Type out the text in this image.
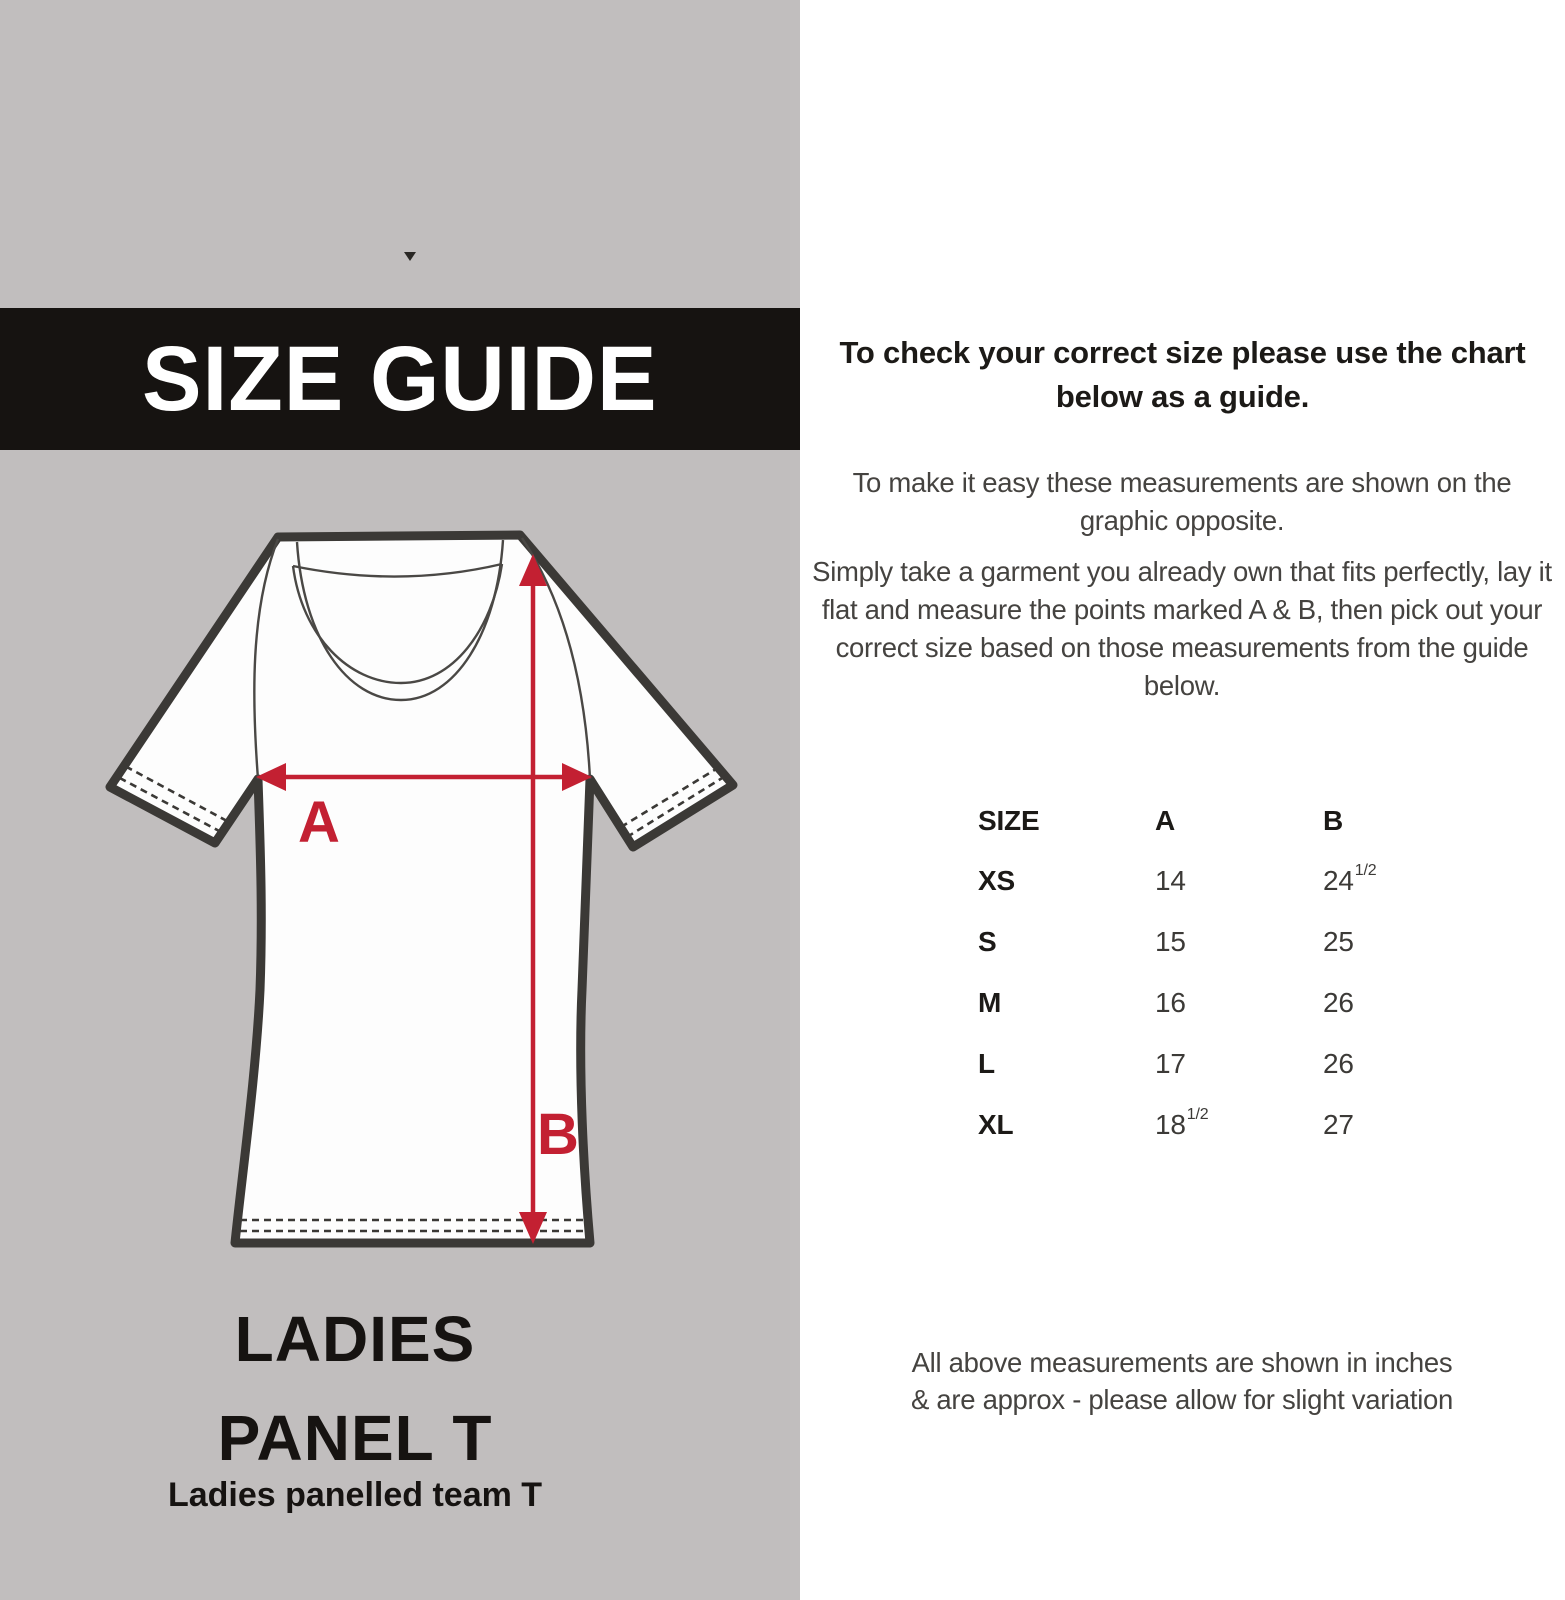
SIZE GUIDE
A
B
LADIES
PANEL T
Ladies panelled team T
To check your correct size please use the chart below as a guide.

To make it easy these measurements are shown on the graphic opposite.

Simply take a garment you already own that fits perfectly, lay it flat and measure the points marked A & B, then pick out your correct size based on those measurements from the guide below.

SIZE	A	B
XS	14	$24^{1/2}$
S	15	25
M	16	26
L	17	26
XL	$18^{1/2}$	27

All above measurements are shown in inches
& are approx - please allow for slight variation
